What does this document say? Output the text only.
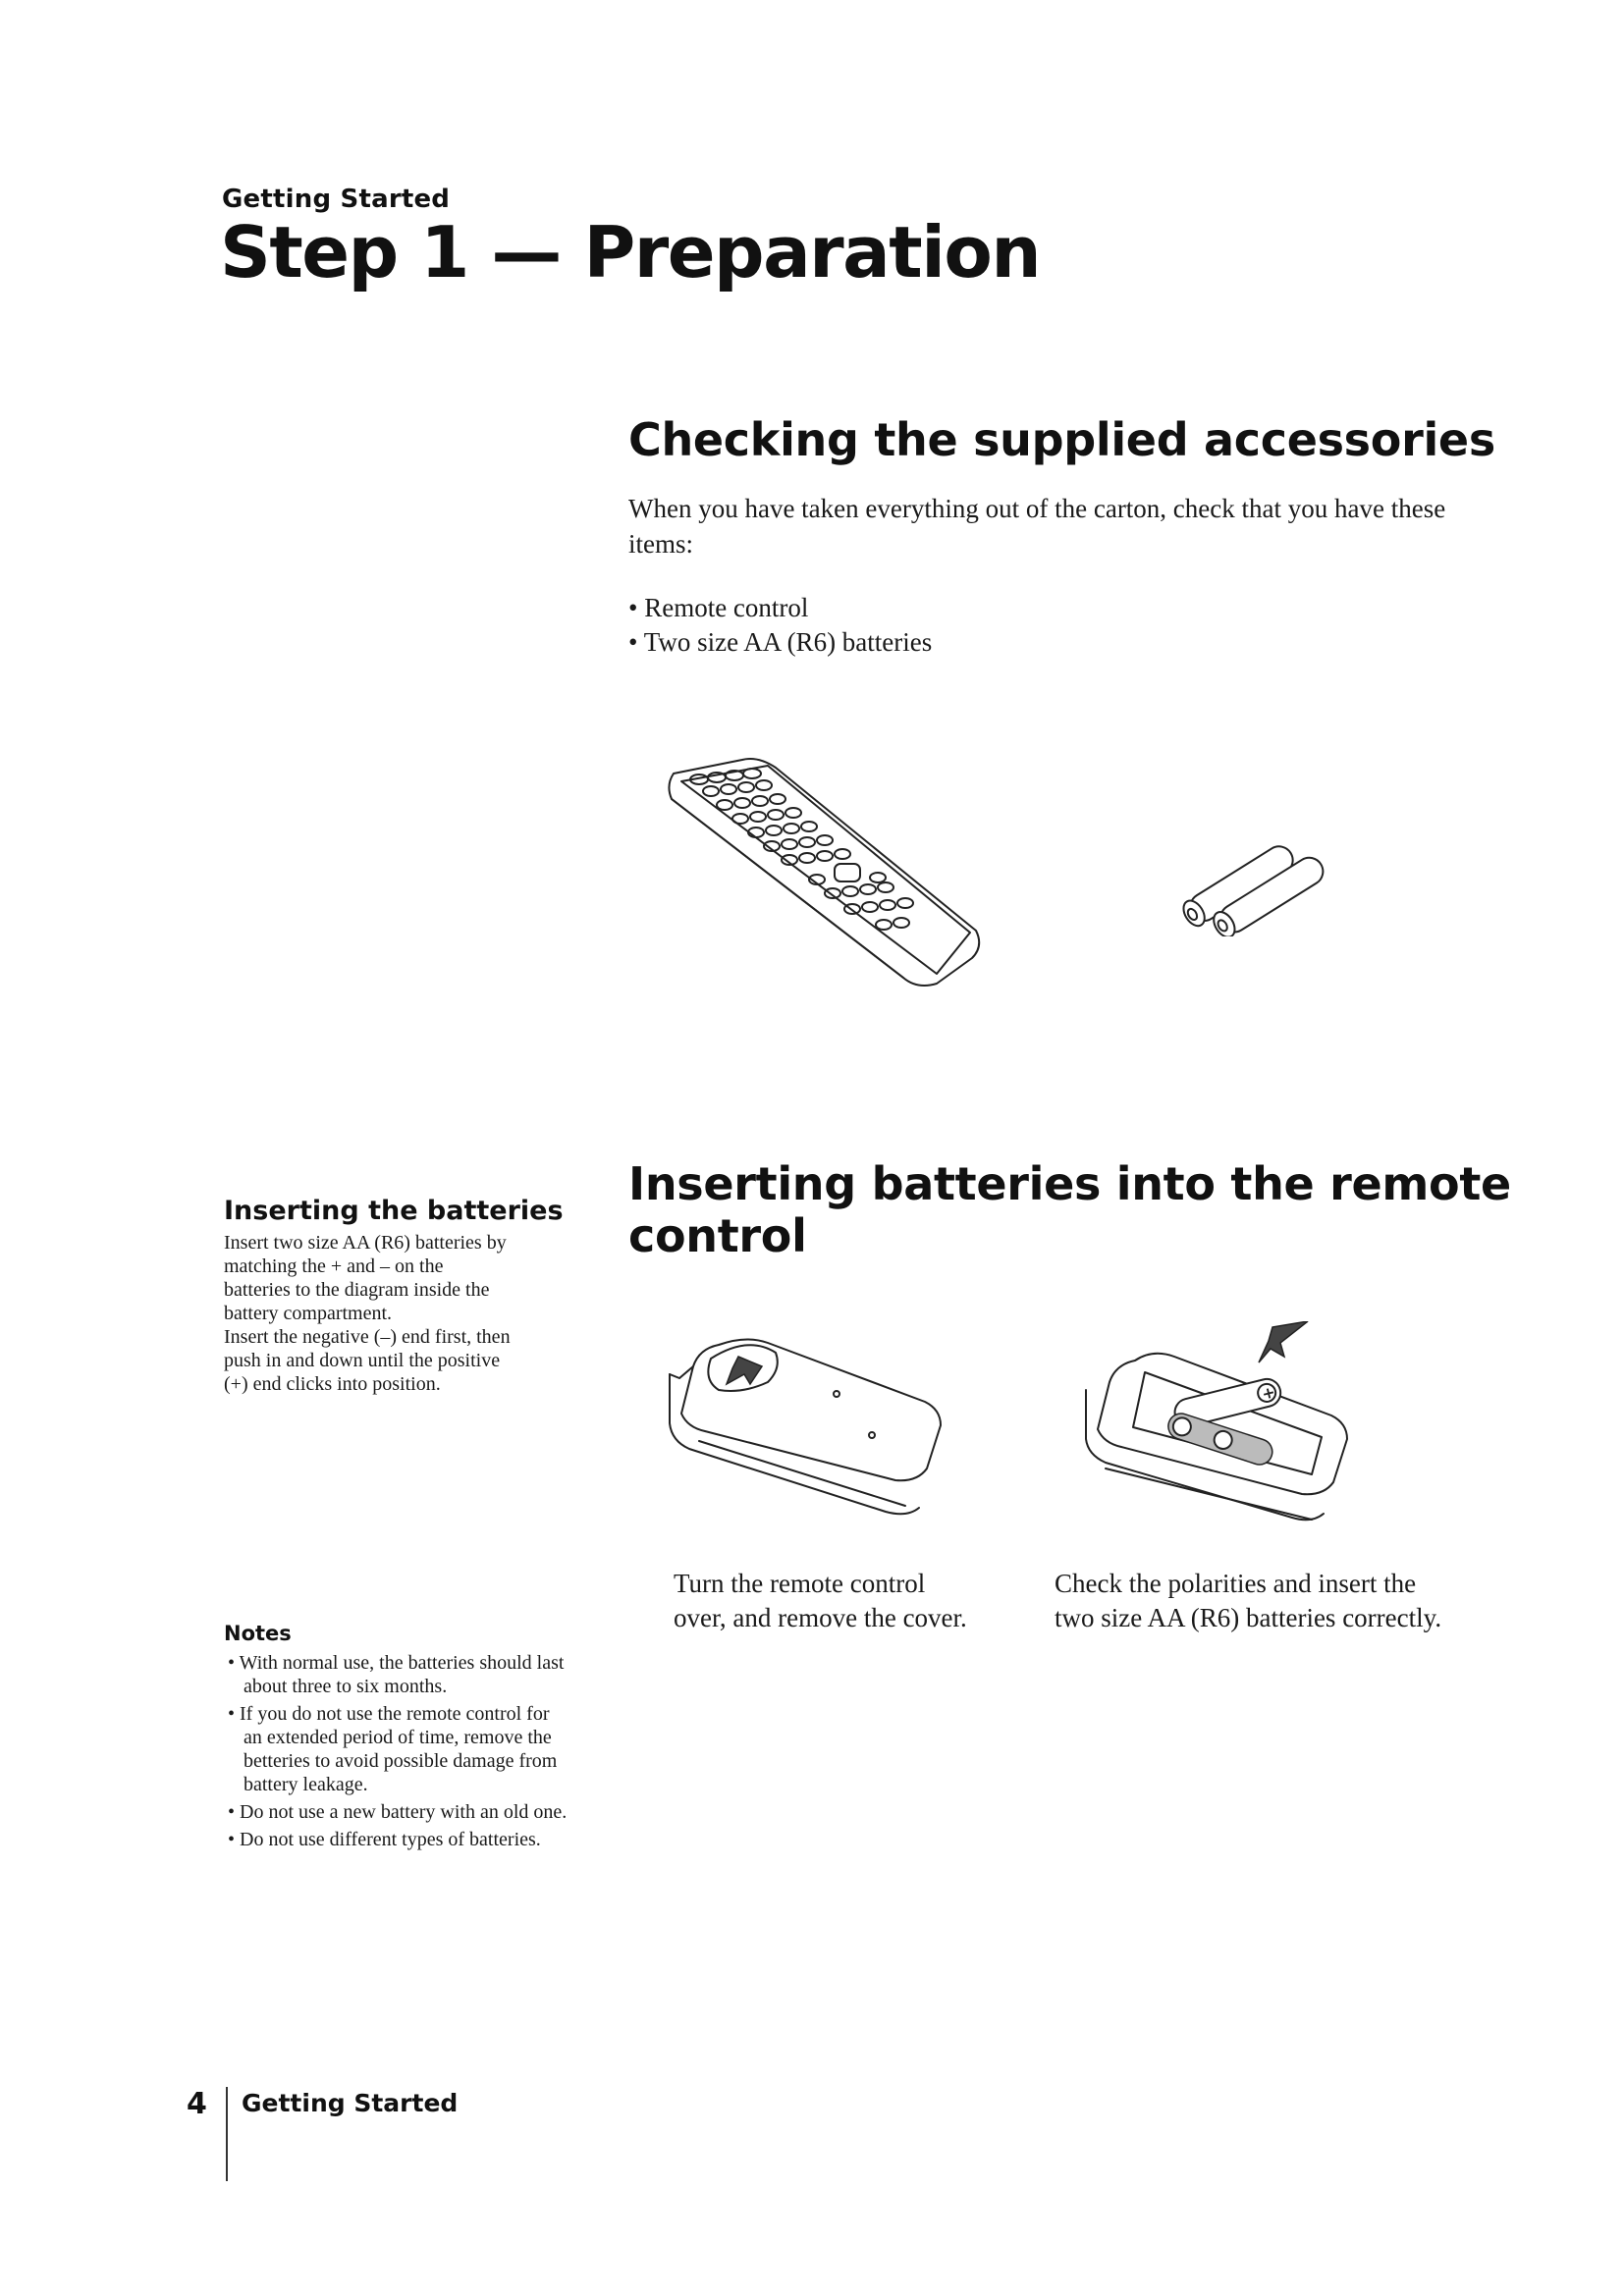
Getting Started
Step 1 — Preparation
Checking the supplied accessories
When you have taken everything out of the carton, check that you have these items:
• Remote control
• Two size AA (R6) batteries
Inserting the batteries
Insert two size AA (R6) batteries by
matching the + and – on the
batteries to the diagram inside the
battery compartment.
Insert the negative (–) end first, then
push in and down until the positive
(+) end clicks into position.
Inserting batteries into the remote
control
+
Turn the remote control
over, and remove the cover.
Check the polarities and insert the
two size AA (R6) batteries correctly.
Notes
• With normal use, the batteries should last about three to six months.
• If you do not use the remote control for an extended period of time, remove the betteries to avoid possible damage from battery leakage.
• Do not use a new battery with an old one.
• Do not use different types of batteries.
4 Getting Started
